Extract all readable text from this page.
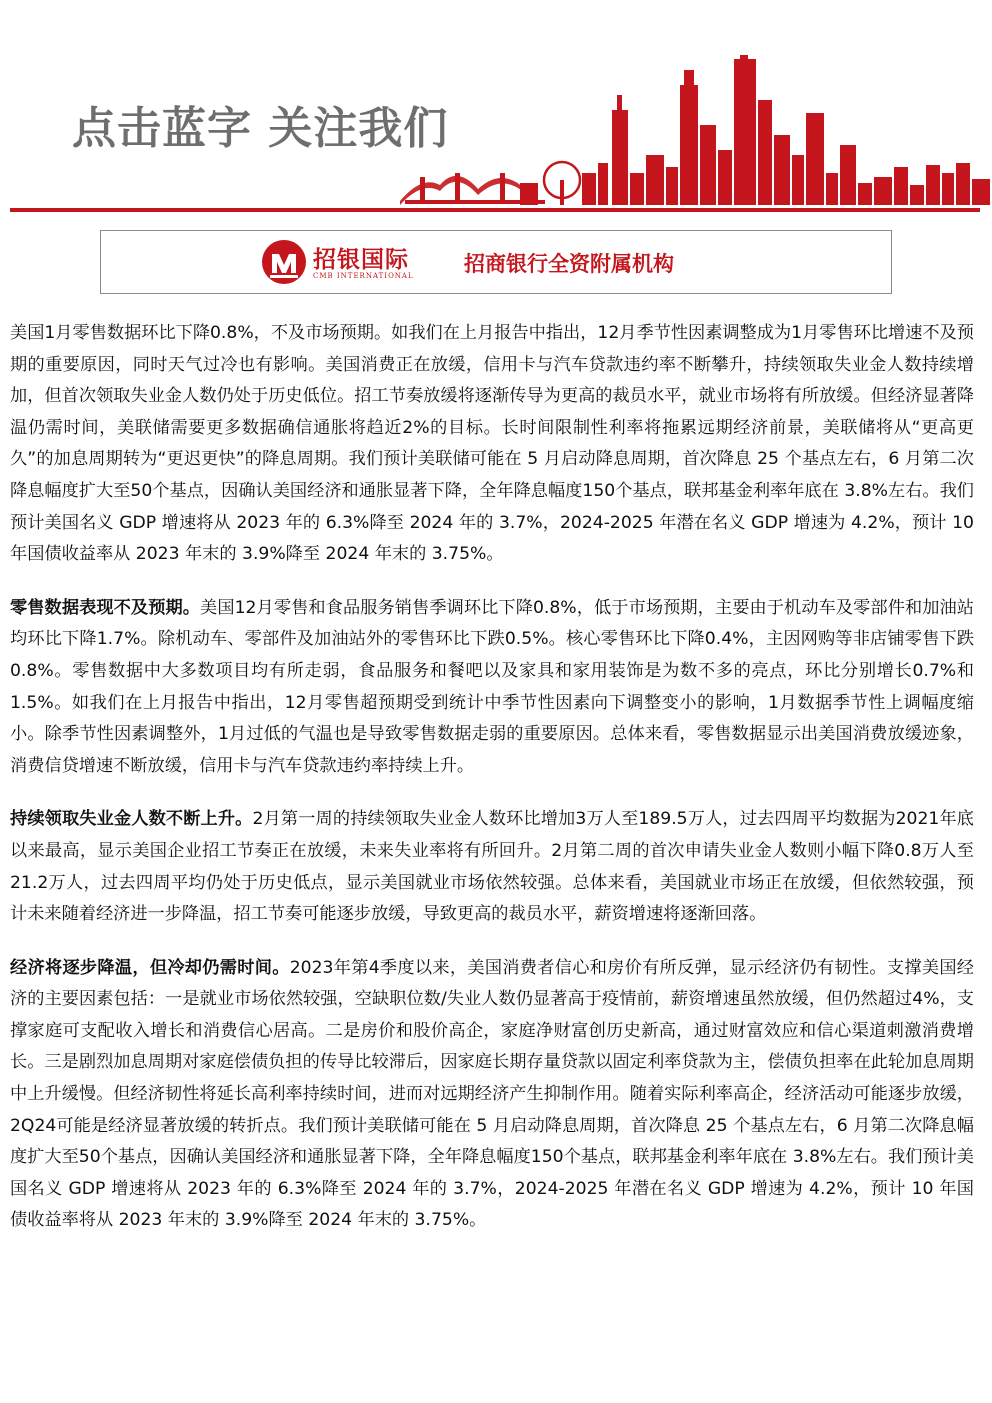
点击蓝字 关注我们
招银国际
CMB INTERNATIONAL 招商银行全资附属机构

美国1月零售数据环比下降0.8%，不及市场预期。如我们在上月报告中指出，12月季节性因素调整成为1月零售环比增速不及预期的重要原因，同时天气过冷也有影响。美国消费正在放缓，信用卡与汽车贷款违约率不断攀升，持续领取失业金人数持续增加，但首次领取失业金人数仍处于历史低位。招工节奏放缓将逐渐传导为更高的裁员水平，就业市场将有所放缓。但经济显著降温仍需时间，美联储需要更多数据确信通胀将趋近2%的目标。长时间限制性利率将拖累远期经济前景，美联储将从“更高更久”的加息周期转为“更迟更快”的降息周期。我们预计美联储可能在 5 月启动降息周期，首次降息 25 个基点左右，6 月第二次降息幅度扩大至50个基点，因确认美国经济和通胀显著下降，全年降息幅度150个基点，联邦基金利率年底在 3.8%左右。我们预计美国名义 GDP 增速将从 2023 年的 6.3%降至 2024 年的 3.7%，2024-2025 年潜在名义 GDP 增速为 4.2%，预计 10 年国债收益率从 2023 年末的 3.9%降至 2024 年末的 3.75%。

零售数据表现不及预期。美国12月零售和食品服务销售季调环比下降0.8%，低于市场预期，主要由于机动车及零部件和加油站均环比下降1.7%。除机动车、零部件及加油站外的零售环比下跌0.5%。核心零售环比下降0.4%，主因网购等非店铺零售下跌0.8%。零售数据中大多数项目均有所走弱，食品服务和餐吧以及家具和家用装饰是为数不多的亮点，环比分别增长0.7%和1.5%。如我们在上月报告中指出，12月零售超预期受到统计中季节性因素向下调整变小的影响，1月数据季节性上调幅度缩小。除季节性因素调整外，1月过低的气温也是导致零售数据走弱的重要原因。总体来看，零售数据显示出美国消费放缓迹象，消费信贷增速不断放缓，信用卡与汽车贷款违约率持续上升。

持续领取失业金人数不断上升。2月第一周的持续领取失业金人数环比增加3万人至189.5万人，过去四周平均数据为2021年底以来最高，显示美国企业招工节奏正在放缓，未来失业率将有所回升。2月第二周的首次申请失业金人数则小幅下降0.8万人至21.2万人，过去四周平均仍处于历史低点，显示美国就业市场依然较强。总体来看，美国就业市场正在放缓，但依然较强，预计未来随着经济进一步降温，招工节奏可能逐步放缓，导致更高的裁员水平，薪资增速将逐渐回落。

经济将逐步降温，但冷却仍需时间。2023年第4季度以来，美国消费者信心和房价有所反弹，显示经济仍有韧性。支撑美国经济的主要因素包括：一是就业市场依然较强，空缺职位数/失业人数仍显著高于疫情前，薪资增速虽然放缓，但仍然超过4%，支撑家庭可支配收入增长和消费信心居高。二是房价和股价高企，家庭净财富创历史新高，通过财富效应和信心渠道刺激消费增长。三是剧烈加息周期对家庭偿债负担的传导比较滞后，因家庭长期存量贷款以固定利率贷款为主，偿债负担率在此轮加息周期中上升缓慢。但经济韧性将延长高利率持续时间，进而对远期经济产生抑制作用。随着实际利率高企，经济活动可能逐步放缓，2Q24可能是经济显著放缓的转折点。我们预计美联储可能在 5 月启动降息周期，首次降息 25 个基点左右，6 月第二次降息幅度扩大至50个基点，因确认美国经济和通胀显著下降，全年降息幅度150个基点，联邦基金利率年底在 3.8%左右。我们预计美国名义 GDP 增速将从 2023 年的 6.3%降至 2024 年的 3.7%，2024-2025 年潜在名义 GDP 增速为 4.2%，预计 10 年国债收益率将从 2023 年末的 3.9%降至 2024 年末的 3.75%。
